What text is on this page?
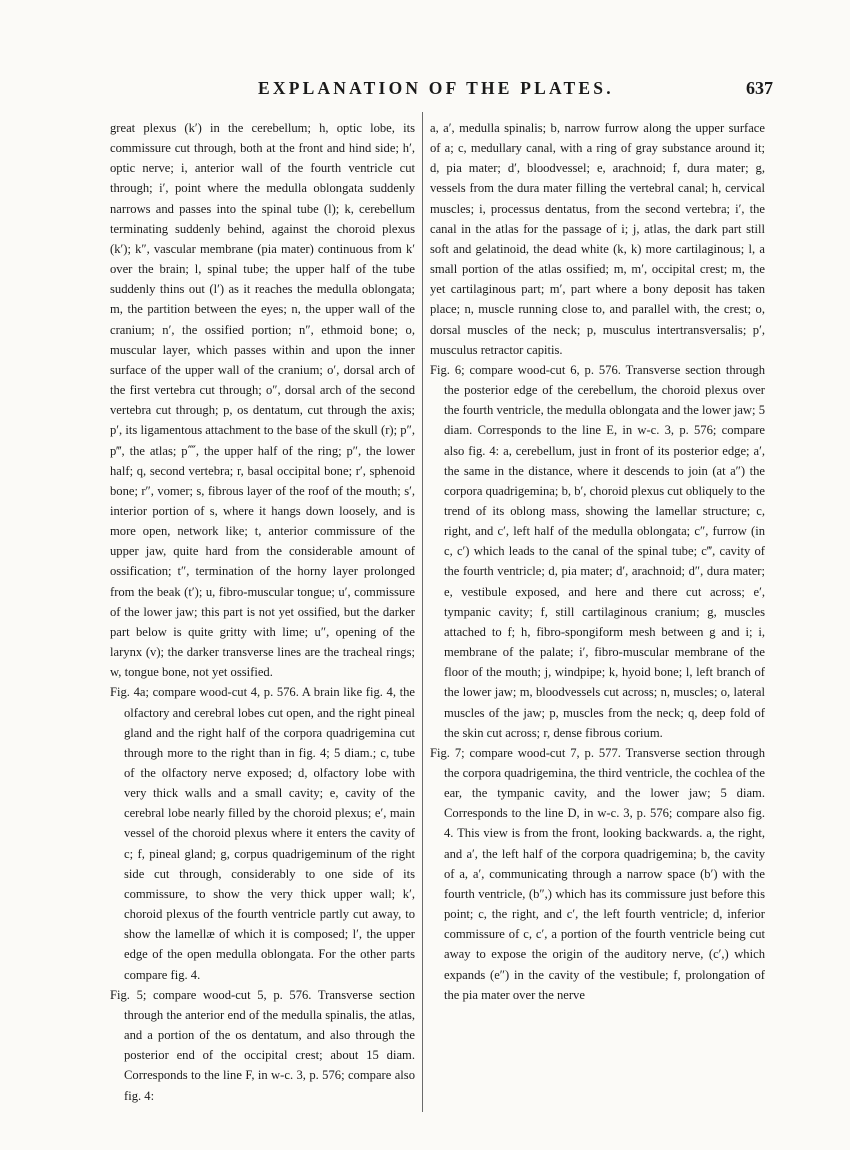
EXPLANATION OF THE PLATES.	637

great plexus (k′) in the cerebellum; h, optic lobe, its commissure cut through, both at the front and hind side; h′, optic nerve; i, anterior wall of the fourth ventricle cut through; i′, point where the medulla oblongata suddenly narrows and passes into the spinal tube (l); k, cerebellum terminating suddenly behind, against the choroid plexus (k′); k″, vascular membrane (pia mater) continuous from k′ over the brain; l, spinal tube; the upper half of the tube suddenly thins out (l′) as it reaches the medulla oblongata; m, the partition between the eyes; n, the upper wall of the cranium; n′, the ossified portion; n″, ethmoid bone; o, muscular layer, which passes within and upon the inner surface of the upper wall of the cranium; o′, dorsal arch of the first vertebra cut through; o″, dorsal arch of the second vertebra cut through; p, os dentatum, cut through the axis; p′, its ligamentous attachment to the base of the skull (r); p″, p‴, the atlas; p⁗, the upper half of the ring; p″, the lower half; q, second vertebra; r, basal occipital bone; r′, sphenoid bone; r″, vomer; s, fibrous layer of the roof of the mouth; s′, interior portion of s, where it hangs down loosely, and is more open, network like; t, anterior commissure of the upper jaw, quite hard from the considerable amount of ossification; t″, termination of the horny layer prolonged from the beak (t′); u, fibro-muscular tongue; u′, commissure of the lower jaw; this part is not yet ossified, but the darker part below is quite gritty with lime; u″, opening of the larynx (v); the darker transverse lines are the tracheal rings; w, tongue bone, not yet ossified.

Fig. 4a; compare wood-cut 4, p. 576. A brain like fig. 4, the olfactory and cerebral lobes cut open, and the right pineal gland and the right half of the corpora quadrigemina cut through more to the right than in fig. 4; 5 diam.; c, tube of the olfactory nerve exposed; d, olfactory lobe with very thick walls and a small cavity; e, cavity of the cerebral lobe nearly filled by the choroid plexus; e′, main vessel of the choroid plexus where it enters the cavity of c; f, pineal gland; g, corpus quadrigeminum of the right side cut through, considerably to one side of its commissure, to show the very thick upper wall; k′, choroid plexus of the fourth ventricle partly cut away, to show the lamellæ of which it is composed; l′, the upper edge of the open medulla oblongata. For the other parts compare fig. 4.

Fig. 5; compare wood-cut 5, p. 576. Transverse section through the anterior end of the medulla spinalis, the atlas, and a portion of the os dentatum, and also through the posterior end of the occipital crest; about 15 diam. Corresponds to the line F, in w-c. 3, p. 576; compare also fig. 4:

a, a′, medulla spinalis; b, narrow furrow along the upper surface of a; c, medullary canal, with a ring of gray substance around it; d, pia mater; d′, bloodvessel; e, arachnoid; f, dura mater; g, vessels from the dura mater filling the vertebral canal; h, cervical muscles; i, processus dentatus, from the second vertebra; i′, the canal in the atlas for the passage of i; j, atlas, the dark part still soft and gelatinoid, the dead white (k, k) more cartilaginous; l, a small portion of the atlas ossified; m, m′, occipital crest; m, the yet cartilaginous part; m′, part where a bony deposit has taken place; n, muscle running close to, and parallel with, the crest; o, dorsal muscles of the neck; p, musculus intertransversalis; p′, musculus retractor capitis.

Fig. 6; compare wood-cut 6, p. 576. Transverse section through the posterior edge of the cerebellum, the choroid plexus over the fourth ventricle, the medulla oblongata and the lower jaw; 5 diam. Corresponds to the line E, in w-c. 3, p. 576; compare also fig. 4: a, cerebellum, just in front of its posterior edge; a′, the same in the distance, where it descends to join (at a″) the corpora quadrigemina; b, b′, choroid plexus cut obliquely to the trend of its oblong mass, showing the lamellar structure; c, right, and c′, left half of the medulla oblongata; c″, furrow (in c, c′) which leads to the canal of the spinal tube; c‴, cavity of the fourth ventricle; d, pia mater; d′, arachnoid; d″, dura mater; e, vestibule exposed, and here and there cut across; e′, tympanic cavity; f, still cartilaginous cranium; g, muscles attached to f; h, fibro-spongiform mesh between g and i; i, membrane of the palate; i′, fibro-muscular membrane of the floor of the mouth; j, windpipe; k, hyoid bone; l, left branch of the lower jaw; m, bloodvessels cut across; n, muscles; o, lateral muscles of the jaw; p, muscles from the neck; q, deep fold of the skin cut across; r, dense fibrous corium.

Fig. 7; compare wood-cut 7, p. 577. Transverse section through the corpora quadrigemina, the third ventricle, the cochlea of the ear, the tympanic cavity, and the lower jaw; 5 diam. Corresponds to the line D, in w-c. 3, p. 576; compare also fig. 4. This view is from the front, looking backwards. a, the right, and a′, the left half of the corpora quadrigemina; b, the cavity of a, a′, communicating through a narrow space (b′) with the fourth ventricle, (b″,) which has its commissure just before this point; c, the right, and c′, the left fourth ventricle; d, inferior commissure of c, c′, a portion of the fourth ventricle being cut away to expose the origin of the auditory nerve, (c′,) which expands (e″) in the cavity of the vestibule; f, prolongation of the pia mater over the nerve
